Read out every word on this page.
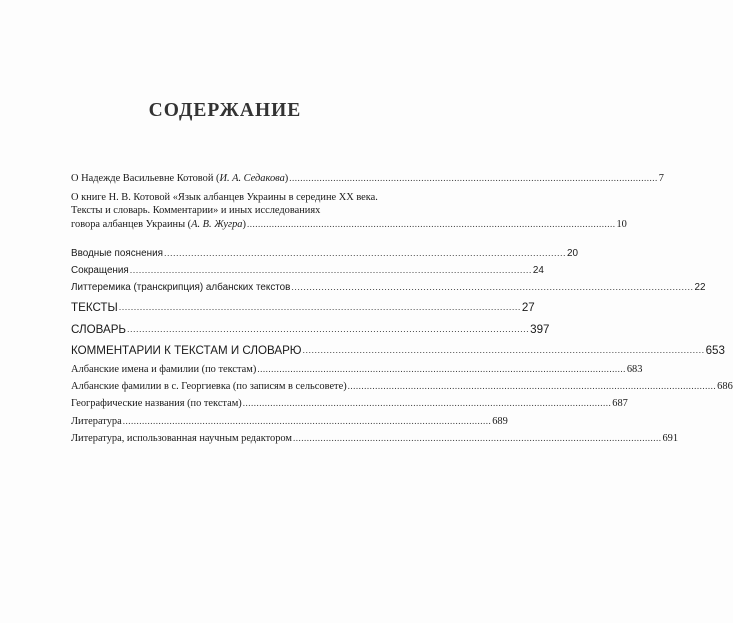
СОДЕРЖАНИЕ
О Надежде Васильевне Котовой (И. А. Седакова) ...................................................................................................................................... 7
О книге Н. В. Котовой «Язык албанцев Украины в середине XX века.
Тексты и словарь. Комментарии» и иных исследованиях
говора албанцев Украины (А. В. Жугра) ...................................................................................................................................... 10
Вводные пояснения ...................................................................................................................................... 20
Сокращения ...................................................................................................................................... 24
Литтеремика (транскрипция) албанских текстов ...................................................................................................................................... 22
ТЕКСТЫ ...................................................................................................................................... 27
СЛОВАРЬ ...................................................................................................................................... 397
КОММЕНТАРИИ К ТЕКСТАМ И СЛОВАРЮ ...................................................................................................................................... 653
Албанские имена и фамилии (по текстам) ...................................................................................................................................... 683
Албанские фамилии в с. Георгиевка (по записям в сельсовете) ...................................................................................................................................... 686
Географические названия (по текстам) ...................................................................................................................................... 687
Литература ...................................................................................................................................... 689
Литература, использованная научным редактором ...................................................................................................................................... 691
